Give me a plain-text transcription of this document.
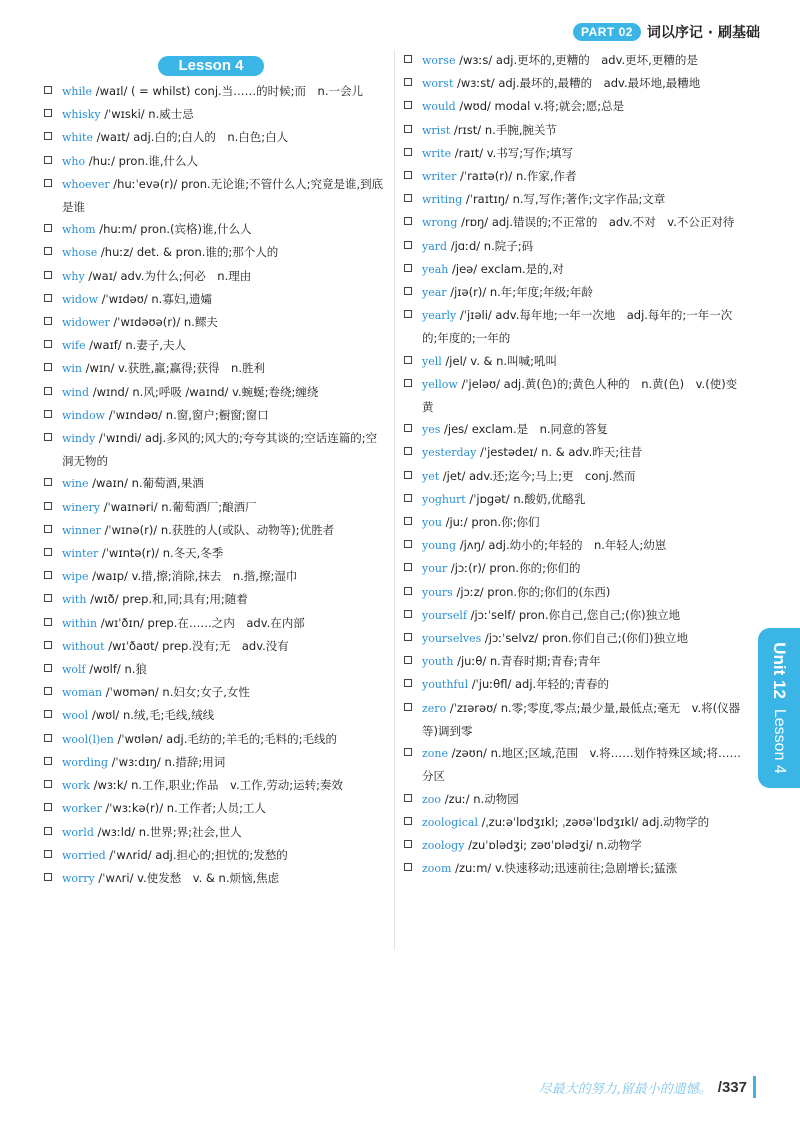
PART 02	词以序记 · 刷基础
Lesson 4
while /waɪl/ ( = whilst) conj.当……的时候;而　n.一会儿
whisky /ˈwɪski/ n.威士忌
white /waɪt/ adj.白的;白人的　n.白色;白人
who /huː/ pron.谁,什么人
whoever /huːˈevə(r)/ pron.无论谁;不管什么人;究竟是谁,到底是谁
whom /huːm/ pron.(宾格)谁,什么人
whose /huːz/ det. & pron.谁的;那个人的
why /waɪ/ adv.为什么;何必　n.理由
widow /ˈwɪdəʊ/ n.寡妇,遗孀
widower /ˈwɪdəʊə(r)/ n.鳏夫
wife /waɪf/ n.妻子,夫人
win /wɪn/ v.获胜,赢;赢得;获得　n.胜利
wind /wɪnd/ n.风;呼吸 /waɪnd/ v.蜿蜒;卷绕;缠绕
window /ˈwɪndəʊ/ n.窗,窗户;橱窗;窗口
windy /ˈwɪndi/ adj.多风的;风大的;夸夸其谈的;空话连篇的;空洞无物的
wine /waɪn/ n.葡萄酒,果酒
winery /ˈwaɪnəri/ n.葡萄酒厂;酿酒厂
winner /ˈwɪnə(r)/ n.获胜的人(或队、动物等);优胜者
winter /ˈwɪntə(r)/ n.冬天,冬季
wipe /waɪp/ v.措,擦;消除,抹去　n.揩,擦;湿巾
with /wɪð/ prep.和,同;具有;用;随着
within /wɪˈðɪn/ prep.在……之内　adv.在内部
without /wɪˈðaʊt/ prep.没有;无　adv.没有
wolf /wʊlf/ n.狼
woman /ˈwʊmən/ n.妇女;女子,女性
wool /wʊl/ n.绒,毛;毛线,绒线
wool(l)en /ˈwʊlən/ adj.毛纺的;羊毛的;毛料的;毛线的
wording /ˈwɜːdɪŋ/ n.措辞;用词
work /wɜːk/ n.工作,职业;作品　v.工作,劳动;运转;奏效
worker /ˈwɜːkə(r)/ n.工作者;人员;工人
world /wɜːld/ n.世界;界;社会,世人
worried /ˈwʌrid/ adj.担心的;担忧的;发愁的
worry /ˈwʌri/ v.使发愁　v. & n.烦恼,焦虑
worse /wɜːs/ adj.更坏的,更糟的　adv.更坏,更糟的是
worst /wɜːst/ adj.最坏的,最糟的　adv.最坏地,最糟地
would /wʊd/ modal v.将;就会;愿;总是
wrist /rɪst/ n.手腕,腕关节
write /raɪt/ v.书写;写作;填写
writer /ˈraɪtə(r)/ n.作家,作者
writing /ˈraɪtɪŋ/ n.写,写作;著作;文字作品;文章
wrong /rɒŋ/ adj.错误的;不正常的　adv.不对　v.不公正对待
yard /jɑːd/ n.院子;码
yeah /jeə/ exclam.是的,对
year /jɪə(r)/ n.年;年度;年级;年龄
yearly /ˈjɪəli/ adv.每年地;一年一次地　adj.每年的;一年一次的;年度的;一年的
yell /jel/ v. & n.叫喊;吼叫
yellow /ˈjeləʊ/ adj.黄(色)的;黄色人种的　n.黄(色)　v.(使)变黄
yes /jes/ exclam.是　n.同意的答复
yesterday /ˈjestədeɪ/ n. & adv.昨天;往昔
yet /jet/ adv.还;迄今;马上;更　conj.然而
yoghurt /ˈjɒgət/ n.酸奶,优酪乳
you /juː/ pron.你;你们
young /jʌŋ/ adj.幼小的;年轻的　n.年轻人;幼崽
your /jɔː(r)/ pron.你的;你们的
yours /jɔːz/ pron.你的;你们的(东西)
yourself /jɔːˈself/ pron.你自己,您自己;(你)独立地
yourselves /jɔːˈselvz/ pron.你们自己;(你们)独立地
youth /juːθ/ n.青春时期;青春;青年
youthful /ˈjuːθfl/ adj.年轻的;青春的
zero /ˈzɪərəʊ/ n.零;零度,零点;最少量,最低点;毫无　v.将(仪器等)调到零
zone /zəʊn/ n.地区;区域,范围　v.将……划作特殊区域;将……分区
zoo /zuː/ n.动物园
zoological /ˌzuːəˈlɒdʒɪkl; ˌzəʊəˈlɒdʒɪkl/ adj.动物学的
zoology /zuˈɒlədʒi; zəʊˈɒlədʒi/ n.动物学
zoom /zuːm/ v.快速移动;迅速前往;急剧增长;猛涨
Unit 12
Lesson 4
尽最大的努力,留最小的遗憾。 /337
